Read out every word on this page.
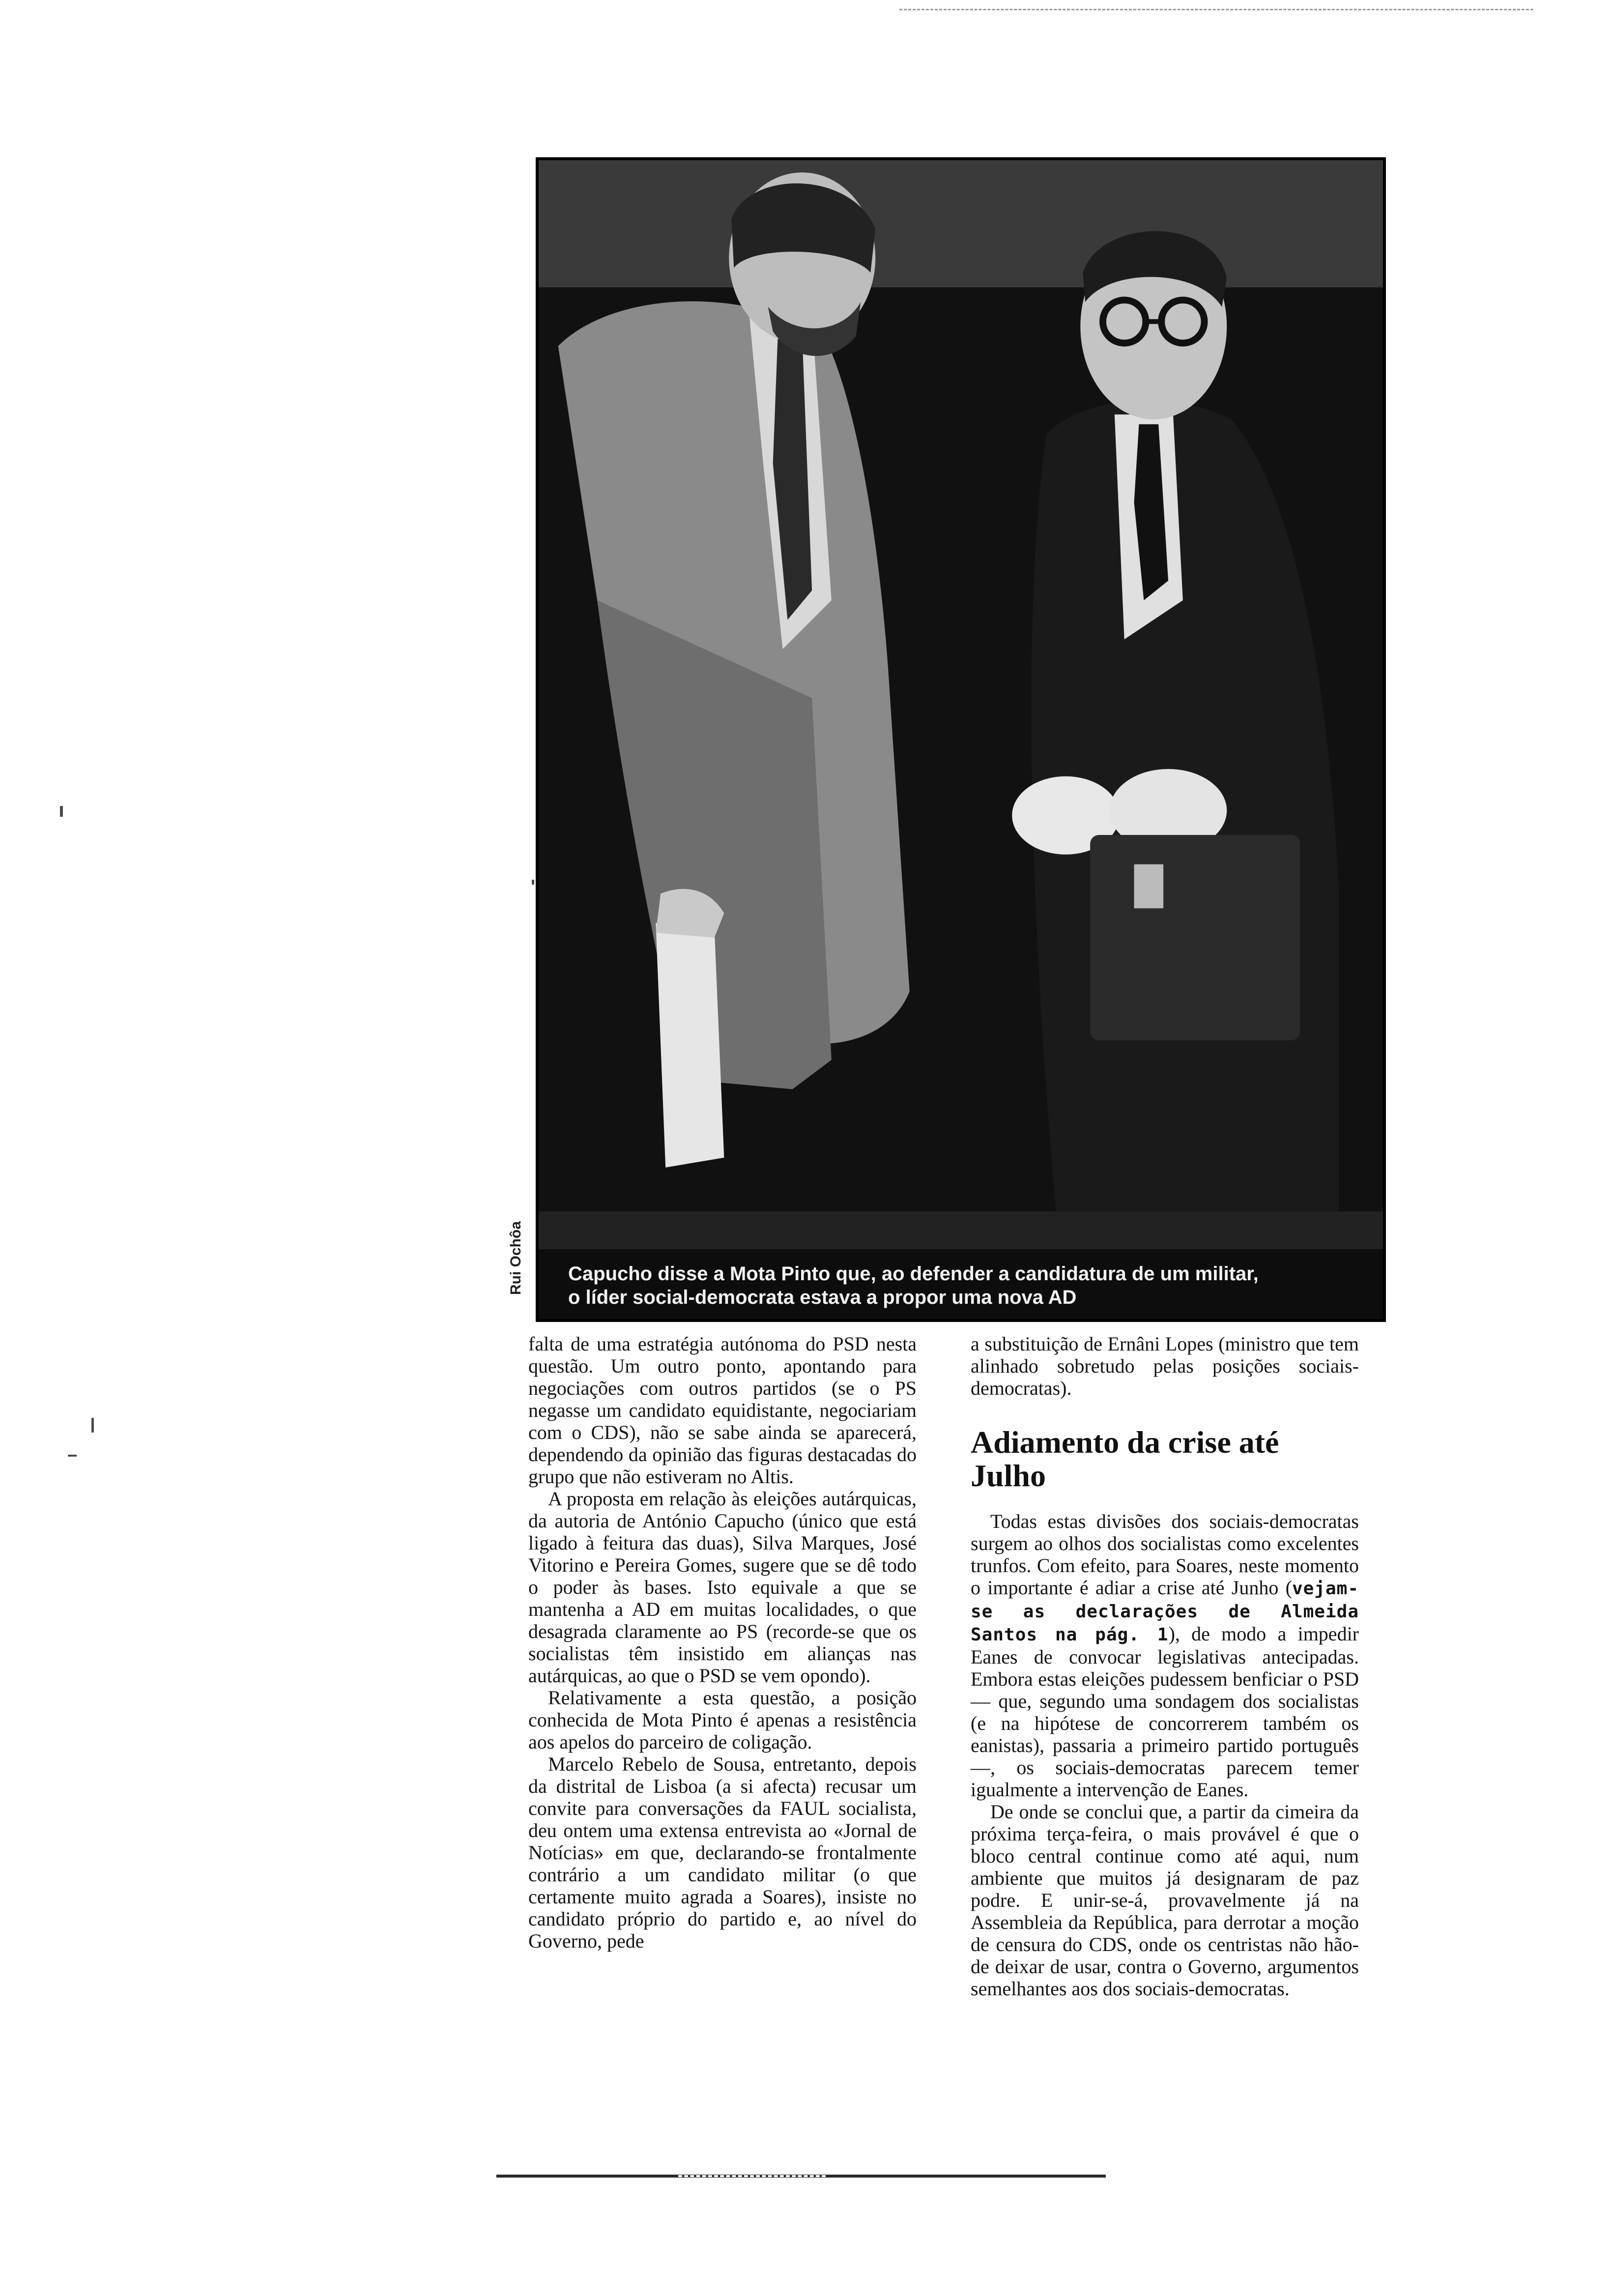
Capucho disse a Mota Pinto que, ao defender a candidatura de um militar,
o líder social-democrata estava a propor uma nova AD
Rui Ochôa

falta de uma estratégia autónoma do PSD nesta questão. Um outro ponto, apontando para negociações com outros partidos (se o PS negasse um candidato equidistante, negociariam com o CDS), não se sabe ainda se aparecerá, dependendo da opinião das figuras destacadas do grupo que não estiveram no Altis.

A proposta em relação às eleições autárquicas, da autoria de António Capucho (único que está ligado à feitura das duas), Silva Marques, José Vitorino e Pereira Gomes, sugere que se dê todo o poder às bases. Isto equivale a que se mantenha a AD em muitas localidades, o que desagrada claramente ao PS (recorde-se que os socialistas têm insistido em alianças nas autárquicas, ao que o PSD se vem opondo).

Relativamente a esta questão, a posição conhecida de Mota Pinto é apenas a resistência aos apelos do parceiro de coligação.

Marcelo Rebelo de Sousa, entretanto, depois da distrital de Lisboa (a si afecta) recusar um convite para conversações da FAUL socialista, deu ontem uma extensa entrevista ao «Jornal de Notícias» em que, declarando-se frontalmente contrário a um candidato militar (o que certamente muito agrada a Soares), insiste no candidato próprio do partido e, ao nível do Governo, pede

a substituição de Ernâni Lopes (ministro que tem alinhado sobretudo pelas posições sociais-democratas).

Adiamento da crise até Julho

Todas estas divisões dos sociais-democratas surgem ao olhos dos socialistas como excelentes trunfos. Com efeito, para Soares, neste momento o importante é adiar a crise até Junho (vejam-se as declarações de Almeida Santos na pág. 1), de modo a impedir Eanes de convocar legislativas antecipadas. Embora estas eleições pudessem benficiar o PSD — que, segundo uma sondagem dos socialistas (e na hipótese de concorrerem também os eanistas), passaria a primeiro partido português —, os sociais-democratas parecem temer igualmente a intervenção de Eanes.

De onde se conclui que, a partir da cimeira da próxima terça-feira, o mais provável é que o bloco central continue como até aqui, num ambiente que muitos já designaram de paz podre. E unir-se-á, provavelmente já na Assembleia da República, para derrotar a moção de censura do CDS, onde os centristas não hão-de deixar de usar, contra o Governo, argumentos semelhantes aos dos sociais-democratas.
